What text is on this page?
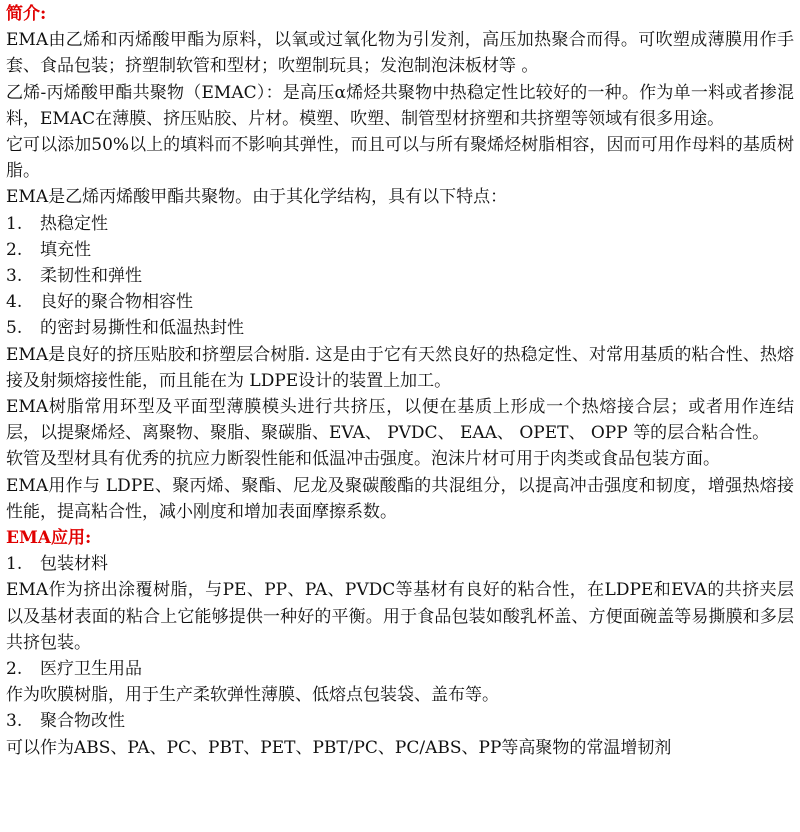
简介:

EMA由乙烯和丙烯酸甲酯为原料，以氧或过氧化物为引发剂，高压加热聚合而得。可吹塑成薄膜用作手套、食品包装；挤塑制软管和型材；吹塑制玩具；发泡制泡沫板材等 。

乙烯-丙烯酸甲酯共聚物（EMAC）：是高压α烯烃共聚物中热稳定性比较好的一种。作为单一料或者掺混料，EMAC在薄膜、挤压贴胶、片材。模塑、吹塑、制管型材挤塑和共挤塑等领域有很多用途。

它可以添加50%以上的填料而不影响其弹性，而且可以与所有聚烯烃树脂相容，因而可用作母料的基质树脂。

EMA是乙烯丙烯酸甲酯共聚物。由于其化学结构，具有以下特点：

1. 热稳定性

2. 填充性

3. 柔韧性和弹性

4. 良好的聚合物相容性

5. 的密封易撕性和低温热封性

EMA是良好的挤压贴胶和挤塑层合树脂. 这是由于它有天然良好的热稳定性、对常用基质的粘合性、热熔接及射频熔接性能，而且能在为 LDPE设计的装置上加工。

EMA树脂常用环型及平面型薄膜模头进行共挤压，以便在基质上形成一个热熔接合层；或者用作连结层，以提聚烯烃、离聚物、聚脂、聚碳脂、EVA、 PVDC、 EAA、 OPET、 OPP 等的层合粘合性。

软管及型材具有优秀的抗应力断裂性能和低温冲击强度。泡沫片材可用于肉类或食品包装方面。

EMA用作与 LDPE、聚丙烯、聚酯、尼龙及聚碳酸酯的共混组分，以提高冲击强度和韧度，增强热熔接性能，提高粘合性，减小刚度和增加表面摩擦系数。

EMA应用:

1. 包装材料

EMA作为挤出涂覆树脂，与PE、PP、PA、PVDC等基材有良好的粘合性，在LDPE和EVA的共挤夹层以及基材表面的粘合上它能够提供一种好的平衡。用于食品包装如酸乳杯盖、方便面碗盖等易撕膜和多层共挤包装。

2. 医疗卫生用品

作为吹膜树脂，用于生产柔软弹性薄膜、低熔点包装袋、盖布等。

3. 聚合物改性

可以作为ABS、PA、PC、PBT、PET、PBT/PC、PC/ABS、PP等高聚物的常温增韧剂
